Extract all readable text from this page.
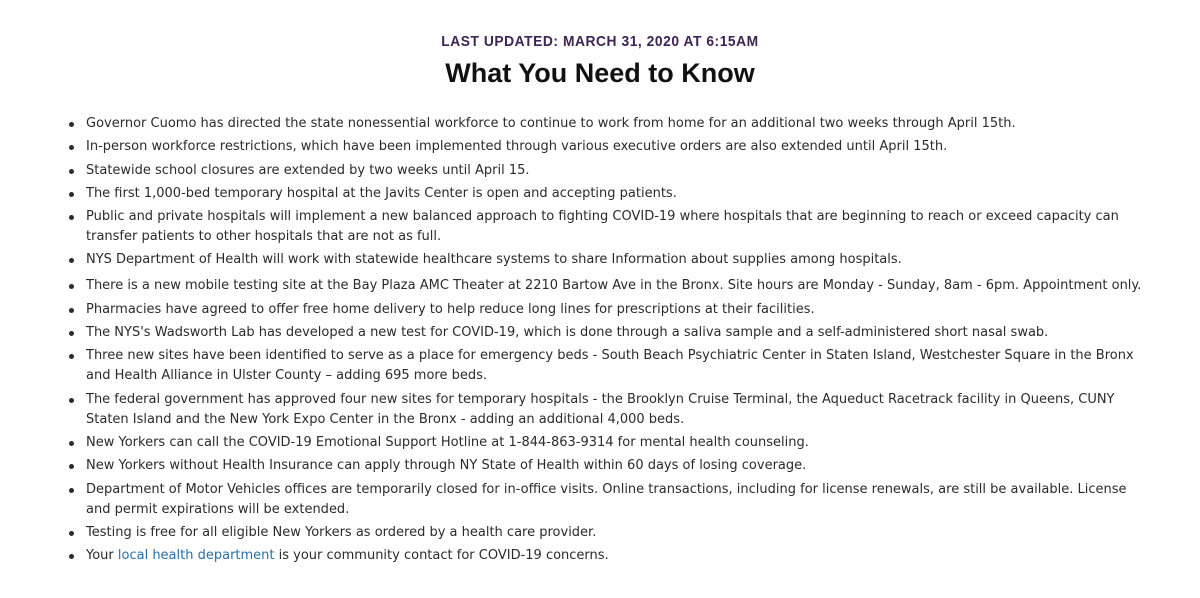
LAST UPDATED: MARCH 31, 2020 AT 6:15AM
What You Need to Know
Governor Cuomo has directed the state nonessential workforce to continue to work from home for an additional two weeks through April 15th.
In-person workforce restrictions, which have been implemented through various executive orders are also extended until April 15th.
Statewide school closures are extended by two weeks until April 15.
The first 1,000-bed temporary hospital at the Javits Center is open and accepting patients.
Public and private hospitals will implement a new balanced approach to fighting COVID-19 where hospitals that are beginning to reach or exceed capacity can transfer patients to other hospitals that are not as full.
NYS Department of Health will work with statewide healthcare systems to share Information about supplies among hospitals.
There is a new mobile testing site at the Bay Plaza AMC Theater at 2210 Bartow Ave in the Bronx. Site hours are Monday - Sunday, 8am - 6pm. Appointment only.
Pharmacies have agreed to offer free home delivery to help reduce long lines for prescriptions at their facilities.
The NYS's Wadsworth Lab has developed a new test for COVID-19, which is done through a saliva sample and a self-administered short nasal swab.
Three new sites have been identified to serve as a place for emergency beds - South Beach Psychiatric Center in Staten Island, Westchester Square in the Bronx and Health Alliance in Ulster County – adding 695 more beds.
The federal government has approved four new sites for temporary hospitals - the Brooklyn Cruise Terminal, the Aqueduct Racetrack facility in Queens, CUNY Staten Island and the New York Expo Center in the Bronx - adding an additional 4,000 beds.
New Yorkers can call the COVID-19 Emotional Support Hotline at 1-844-863-9314 for mental health counseling.
New Yorkers without Health Insurance can apply through NY State of Health within 60 days of losing coverage.
Department of Motor Vehicles offices are temporarily closed for in-office visits. Online transactions, including for license renewals, are still be available. License and permit expirations will be extended.
Testing is free for all eligible New Yorkers as ordered by a health care provider.
Your local health department is your community contact for COVID-19 concerns.
